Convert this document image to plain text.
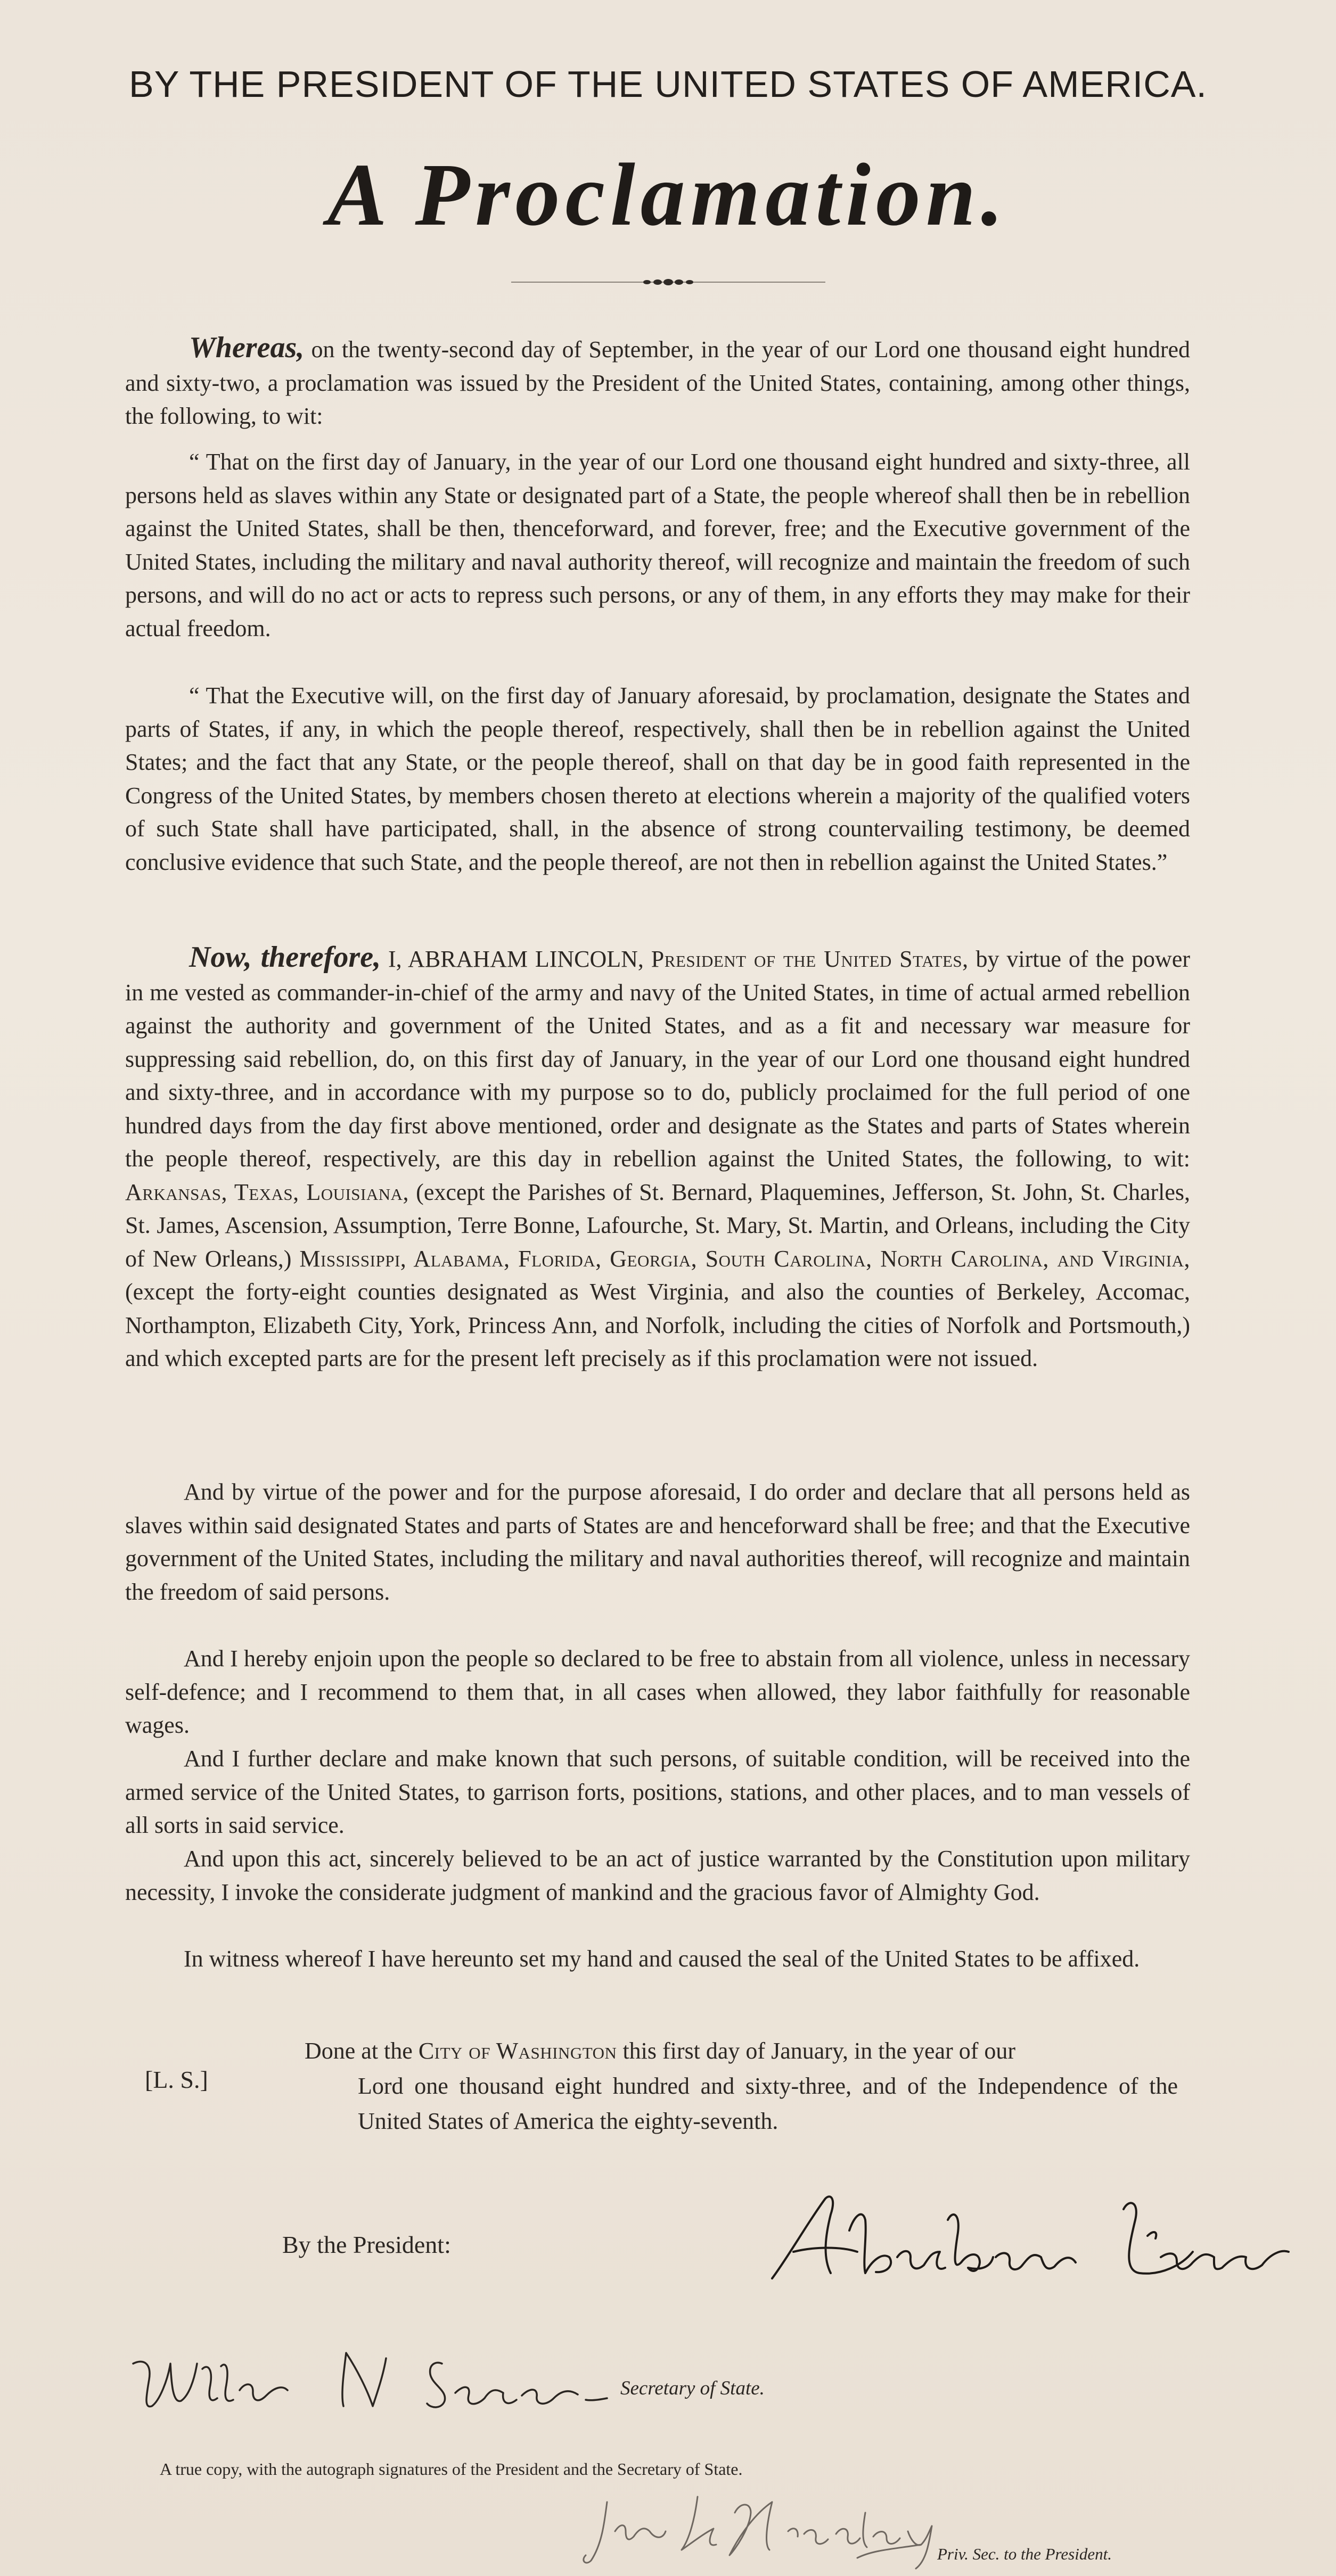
BY THE PRESIDENT OF THE UNITED STATES OF AMERICA.
A Proclamation.

Whereas, on the twenty-second day of September, in the year of our Lord one thousand eight hundred and sixty-two, a proclamation was issued by the President of the United States, containing, among other things, the following, to wit:

“ That on the first day of January, in the year of our Lord one thousand eight hundred and sixty-three, all persons held as slaves within any State or designated part of a State, the people whereof shall then be in rebellion against the United States, shall be then, thenceforward, and forever, free; and the Executive government of the United States, including the military and naval authority thereof, will recognize and maintain the freedom of such persons, and will do no act or acts to repress such persons, or any of them, in any efforts they may make for their actual freedom.

“ That the Executive will, on the first day of January aforesaid, by proclamation, designate the States and parts of States, if any, in which the people thereof, respectively, shall then be in rebellion against the United States; and the fact that any State, or the people thereof, shall on that day be in good faith represented in the Congress of the United States, by members chosen thereto at elections wherein a majority of the qualified voters of such State shall have participated, shall, in the absence of strong countervailing testimony, be deemed conclusive evidence that such State, and the people thereof, are not then in rebellion against the United States.”

Now, therefore, I, ABRAHAM LINCOLN, President of the United States, by virtue of the power in me vested as commander-in-chief of the army and navy of the United States, in time of actual armed rebellion against the authority and government of the United States, and as a fit and necessary war measure for suppressing said rebellion, do, on this first day of January, in the year of our Lord one thousand eight hundred and sixty-three, and in accordance with my purpose so to do, publicly proclaimed for the full period of one hundred days from the day first above mentioned, order and designate as the States and parts of States wherein the people thereof, respectively, are this day in rebellion against the United States, the following, to wit: Arkansas, Texas, Louisiana, (except the Parishes of St. Bernard, Plaquemines, Jefferson, St. John, St. Charles, St. James, Ascension, Assumption, Terre Bonne, Lafourche, St. Mary, St. Martin, and Orleans, including the City of New Orleans,) Mississippi, Alabama, Florida, Georgia, South Carolina, North Carolina, and Virginia, (except the forty-eight counties designated as West Virginia, and also the counties of Berkeley, Accomac, Northampton, Elizabeth City, York, Princess Ann, and Norfolk, including the cities of Norfolk and Portsmouth,) and which excepted parts are for the present left precisely as if this proclamation were not issued.

And by virtue of the power and for the purpose aforesaid, I do order and declare that all persons held as slaves within said designated States and parts of States are and henceforward shall be free; and that the Executive government of the United States, including the military and naval authorities thereof, will recognize and maintain the freedom of said persons.

And I hereby enjoin upon the people so declared to be free to abstain from all violence, unless in necessary self-defence; and I recommend to them that, in all cases when allowed, they labor faithfully for reasonable wages.

And I further declare and make known that such persons, of suitable condition, will be received into the armed service of the United States, to garrison forts, positions, stations, and other places, and to man vessels of all sorts in said service.

And upon this act, sincerely believed to be an act of justice warranted by the Constitution upon military necessity, I invoke the considerate judgment of mankind and the gracious favor of Almighty God.

In witness whereof I have hereunto set my hand and caused the seal of the United States to be affixed.

[L. S.]

Done at the City of Washington this first day of January, in the year of our
Lord one thousand eight hundred and sixty-three, and of the Independence of the United States of America the eighty-seventh.

By the President:
Secretary of State.
A true copy, with the autograph signatures of the President and the Secretary of State.
Priv. Sec. to the President.
